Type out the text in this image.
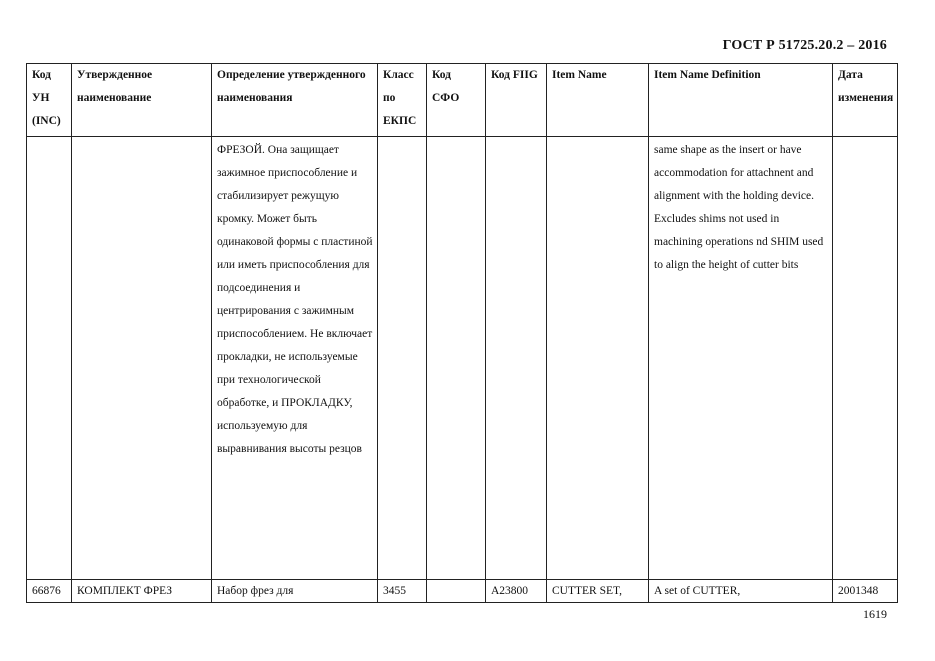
ГОСТ Р 51725.20.2 – 2016
Код УН (INC)	Утвержденное наименование	Определение утвержденного наименования	Класс по ЕКПС	Код СФО	Код FIIG	Item Name	Item Name Definition	Дата изменения
		ФРЕЗОЙ. Она защищает зажимное приспособление и стабилизирует режущую кромку. Может быть одинаковой формы с пластиной или иметь приспособления для подсоединения и центрирования с зажимным приспособлением. Не включает прокладки, не используемые при технологической обработке, и ПРОКЛАДКУ, используемую для выравнивания высоты резцов					same shape as the insert or have accommodation for attachnent and alignment with the holding device. Excludes shims not used in machining operations nd SHIM used to align the height of cutter bits	
66876	КОМПЛЕКТ ФРЕЗ	Набор фрез для	3455		A23800	CUTTER SET,	A set of CUTTER,	2001348
1619
